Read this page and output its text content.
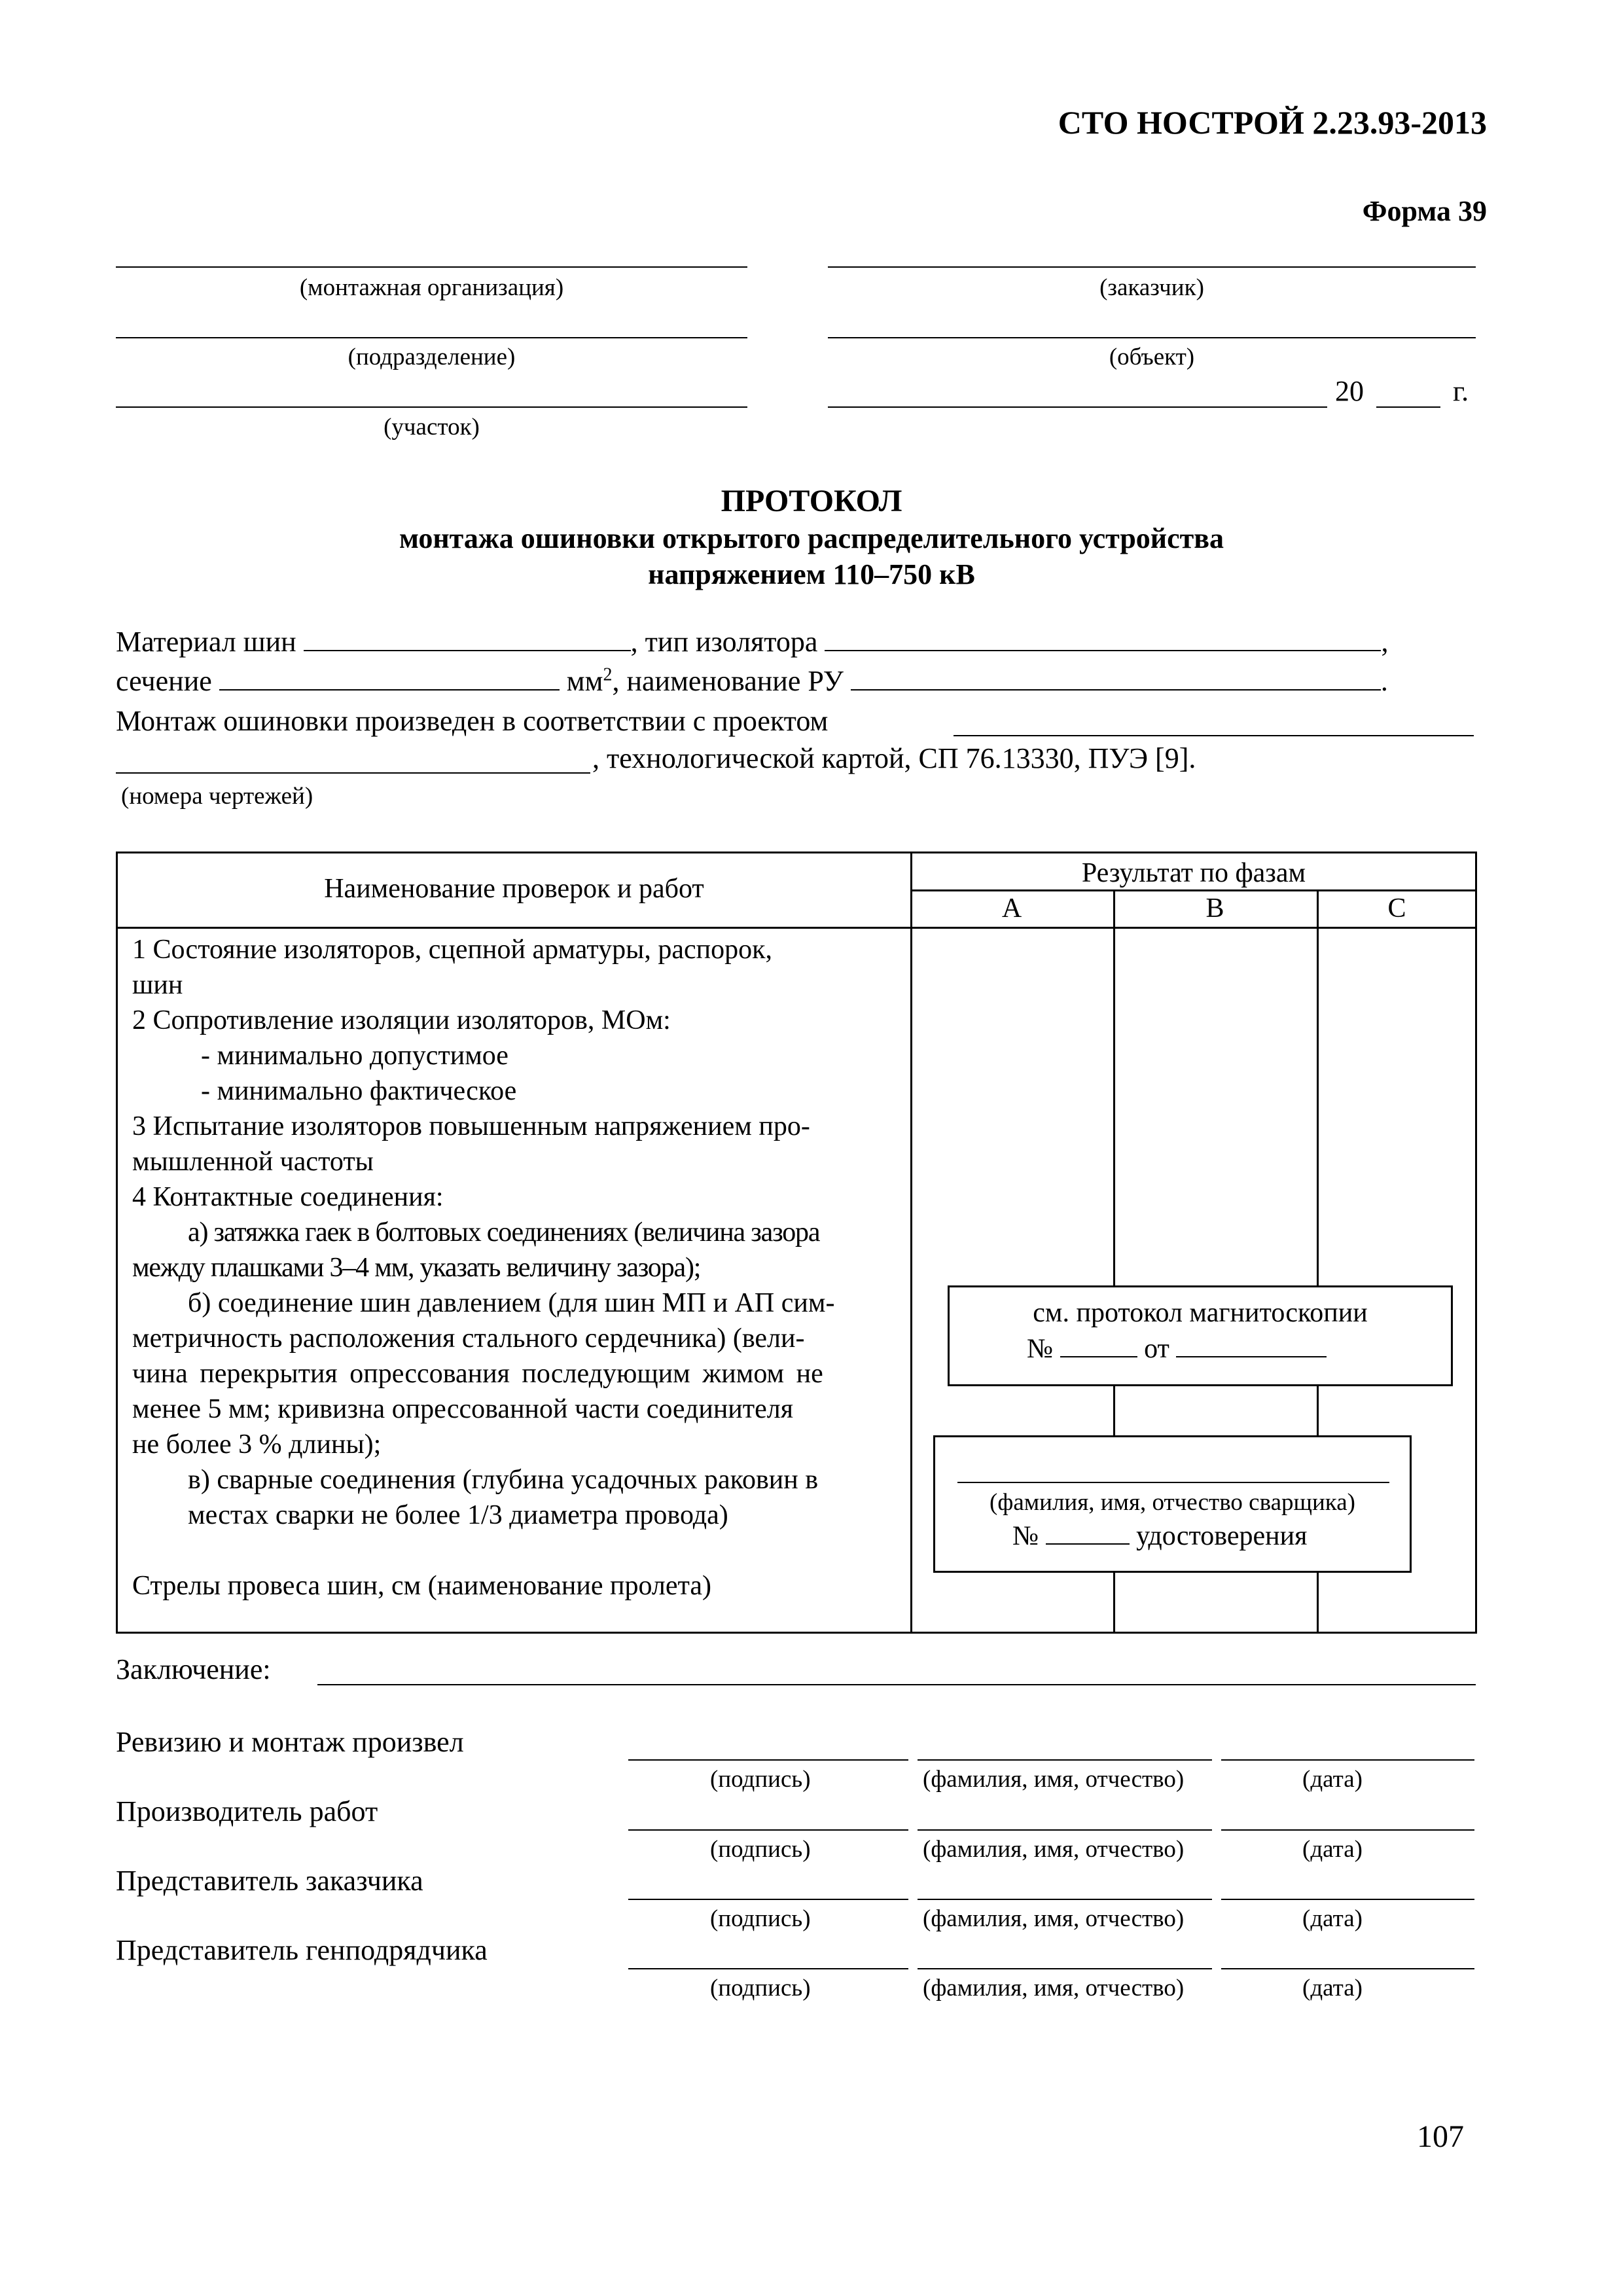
СТО НОСТРОЙ 2.23.93-2013
Форма 39
(монтажная организация)
(подразделение)
(участок)
(заказчик)
(объект)
20	г.
ПРОТОКОЛ
монтажа ошиновки открытого распределительного устройства
напряжением 110–750 кВ
Материал шин	, тип изолятора	,
сечение	$мм^2$, наименование РУ	.
Монтаж ошиновки произведен в соответствии с проектом
, технологической картой, СП 76.13330, ПУЭ [9].
(номера чертежей)
Наименование проверок и работ
Результат по фазам
А	В	С
1 Состояние изоляторов, сцепной арматуры, распорок,
шин
2 Сопротивление изоляции изоляторов, МОм:
- минимально допустимое
- минимально фактическое
3 Испытание изоляторов повышенным напряжением про-
мышленной частоты
4 Контактные соединения:
а) затяжка гаек в болтовых соединениях (величина зазора
между плашками 3–4 мм, указать величину зазора);
б) соединение шин давлением (для шин МП и АП сим-
метричность расположения стального сердечника) (вели-
чина перекрытия опрессования последующим жимом не
менее 5 мм; кривизна опрессованной части соединителя
не более 3 % длины);
в) сварные соединения (глубина усадочных раковин в
местах сварки не более 1/3 диаметра провода)
Стрелы провеса шин, см (наименование пролета)
см. протокол магнитоскопии
№	от
(фамилия, имя, отчество сварщика)
№	удостоверения
Заключение:
Ревизию и монтаж произвел
(подпись)	(фамилия, имя, отчество)	(дата)
Производитель работ
(подпись)	(фамилия, имя, отчество)	(дата)
Представитель заказчика
(подпись)	(фамилия, имя, отчество)	(дата)
Представитель генподрядчика
(подпись)	(фамилия, имя, отчество)	(дата)
107
